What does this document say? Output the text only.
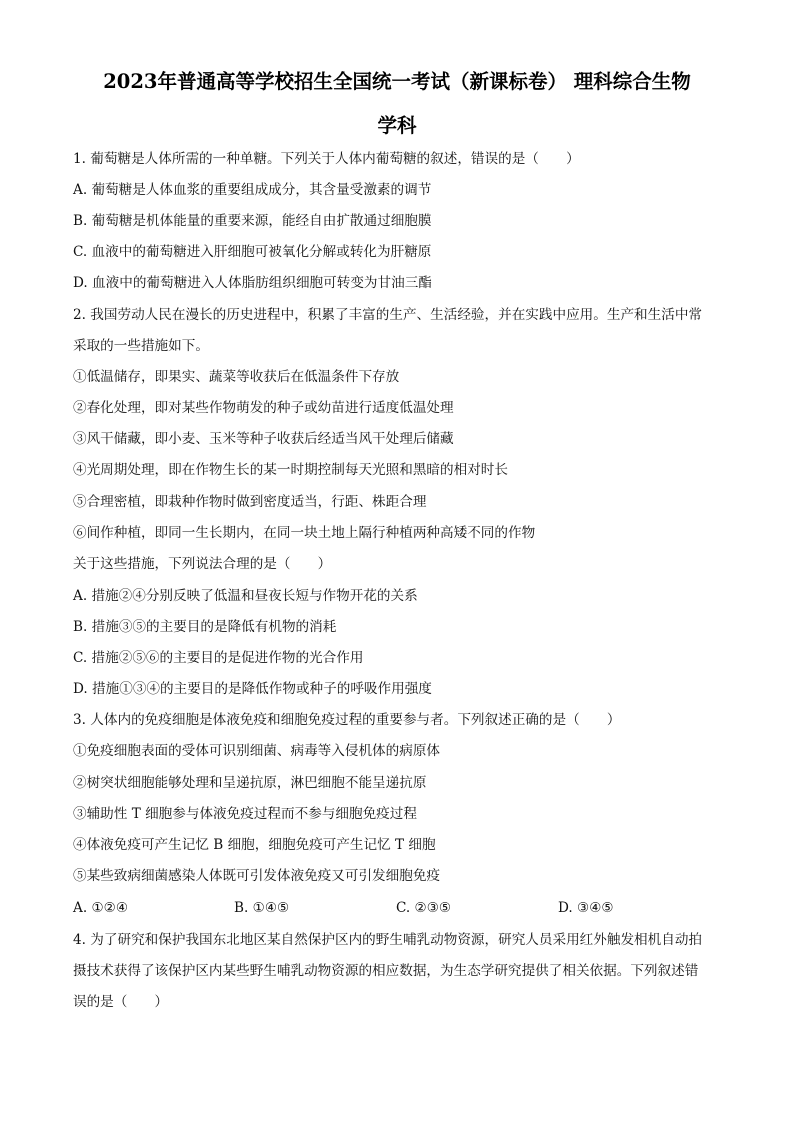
2023年普通高等学校招生全国统一考试（新课标卷） 理科综合生物
学科
1. 葡萄糖是人体所需的一种单糖。下列关于人体内葡萄糖的叙述，错误的是（　　）
A. 葡萄糖是人体血浆的重要组成成分，其含量受激素的调节
B. 葡萄糖是机体能量的重要来源，能经自由扩散通过细胞膜
C. 血液中的葡萄糖进入肝细胞可被氧化分解或转化为肝糖原
D. 血液中的葡萄糖进入人体脂肪组织细胞可转变为甘油三酯
2. 我国劳动人民在漫长的历史进程中，积累了丰富的生产、生活经验，并在实践中应用。生产和生活中常
采取的一些措施如下。
①低温储存，即果实、蔬菜等收获后在低温条件下存放
②春化处理，即对某些作物萌发的种子或幼苗进行适度低温处理
③风干储藏，即小麦、玉米等种子收获后经适当风干处理后储藏
④光周期处理，即在作物生长的某一时期控制每天光照和黑暗的相对时长
⑤合理密植，即栽种作物时做到密度适当，行距、株距合理
⑥间作种植，即同一生长期内，在同一块土地上隔行种植两种高矮不同的作物
关于这些措施，下列说法合理的是（　　）
A. 措施②④分别反映了低温和昼夜长短与作物开花的关系
B. 措施③⑤的主要目的是降低有机物的消耗
C. 措施②⑤⑥的主要目的是促进作物的光合作用
D. 措施①③④的主要目的是降低作物或种子的呼吸作用强度
3. 人体内的免疫细胞是体液免疫和细胞免疫过程的重要参与者。下列叙述正确的是（　　）
①免疫细胞表面的受体可识别细菌、病毒等入侵机体的病原体
②树突状细胞能够处理和呈递抗原，淋巴细胞不能呈递抗原
③辅助性 T 细胞参与体液免疫过程而不参与细胞免疫过程
④体液免疫可产生记忆 B 细胞，细胞免疫可产生记忆 T 细胞
⑤某些致病细菌感染人体既可引发体液免疫又可引发细胞免疫
A. ①②④	B. ①④⑤	C. ②③⑤	D. ③④⑤
4. 为了研究和保护我国东北地区某自然保护区内的野生哺乳动物资源，研究人员采用红外触发相机自动拍
摄技术获得了该保护区内某些野生哺乳动物资源的相应数据，为生态学研究提供了相关依据。下列叙述错
误的是（　　）
